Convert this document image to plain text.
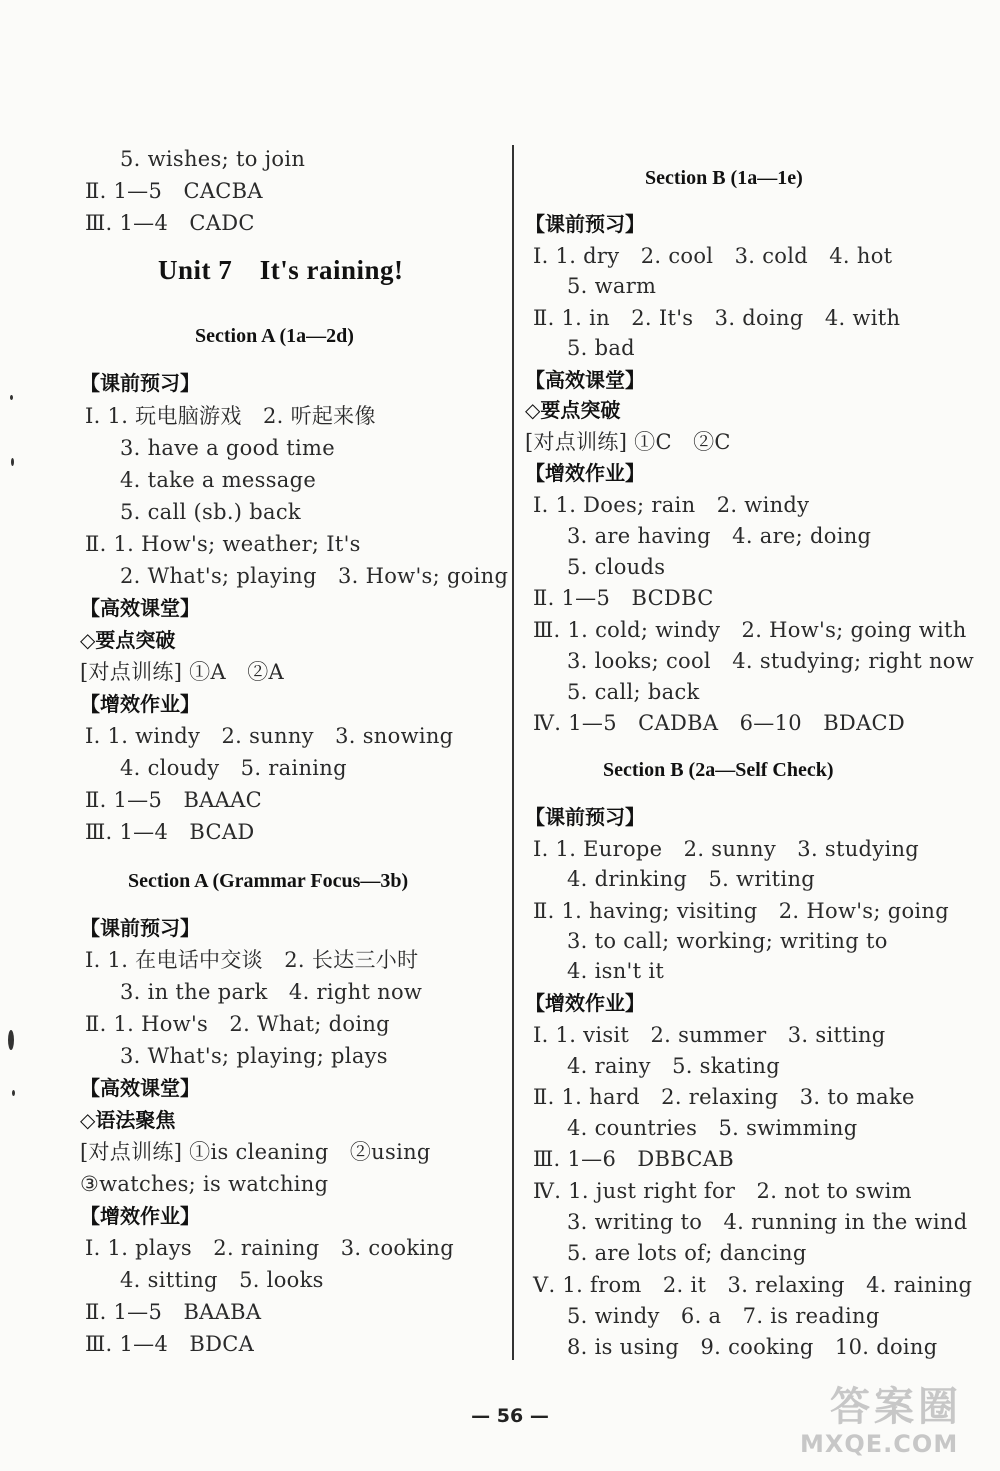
5. wishes; to join
Ⅱ. 1—5　CACBA
Ⅲ. 1—4　CADC
Unit 7　It's raining!
Section A (1a—2d)
【课前预习】
Ⅰ. 1. 玩电脑游戏　2. 听起来像
3. have a good time
4. take a message
5. call (sb.) back
Ⅱ. 1. How's; weather; It's
2. What's; playing　3. How's; going
【高效课堂】
◇要点突破
[对点训练] ①A　②A
【增效作业】
Ⅰ. 1. windy　2. sunny　3. snowing
4. cloudy　5. raining
Ⅱ. 1—5　BAAAC
Ⅲ. 1—4　BCAD
Section A (Grammar Focus—3b)
【课前预习】
Ⅰ. 1. 在电话中交谈　2. 长达三小时
3. in the park　4. right now
Ⅱ. 1. How's　2. What; doing
3. What's; playing; plays
【高效课堂】
◇语法聚焦
[对点训练] ①is cleaning　②using
③watches; is watching
【增效作业】
Ⅰ. 1. plays　2. raining　3. cooking
4. sitting　5. looks
Ⅱ. 1—5　BAABA
Ⅲ. 1—4　BDCA
Section B (1a—1e)
【课前预习】
Ⅰ. 1. dry　2. cool　3. cold　4. hot
5. warm
Ⅱ. 1. in　2. It's　3. doing　4. with
5. bad
【高效课堂】
◇要点突破
[对点训练] ①C　②C
【增效作业】
Ⅰ. 1. Does; rain　2. windy
3. are having　4. are; doing
5. clouds
Ⅱ. 1—5　BCDBC
Ⅲ. 1. cold; windy　2. How's; going with
3. looks; cool　4. studying; right now
5. call; back
Ⅳ. 1—5　CADBA　6—10　BDACD
Section B (2a—Self Check)
【课前预习】
Ⅰ. 1. Europe　2. sunny　3. studying
4. drinking　5. writing
Ⅱ. 1. having; visiting　2. How's; going
3. to call; working; writing to
4. isn't it
【增效作业】
Ⅰ. 1. visit　2. summer　3. sitting
4. rainy　5. skating
Ⅱ. 1. hard　2. relaxing　3. to make
4. countries　5. swimming
Ⅲ. 1—6　DBBCAB
Ⅳ. 1. just right for　2. not to swim
3. writing to　4. running in the wind
5. are lots of; dancing
Ⅴ. 1. from　2. it　3. relaxing　4. raining
5. windy　6. a　7. is reading
8. is using　9. cooking　10. doing
— 56 —	答案圈
MXQE.COM
